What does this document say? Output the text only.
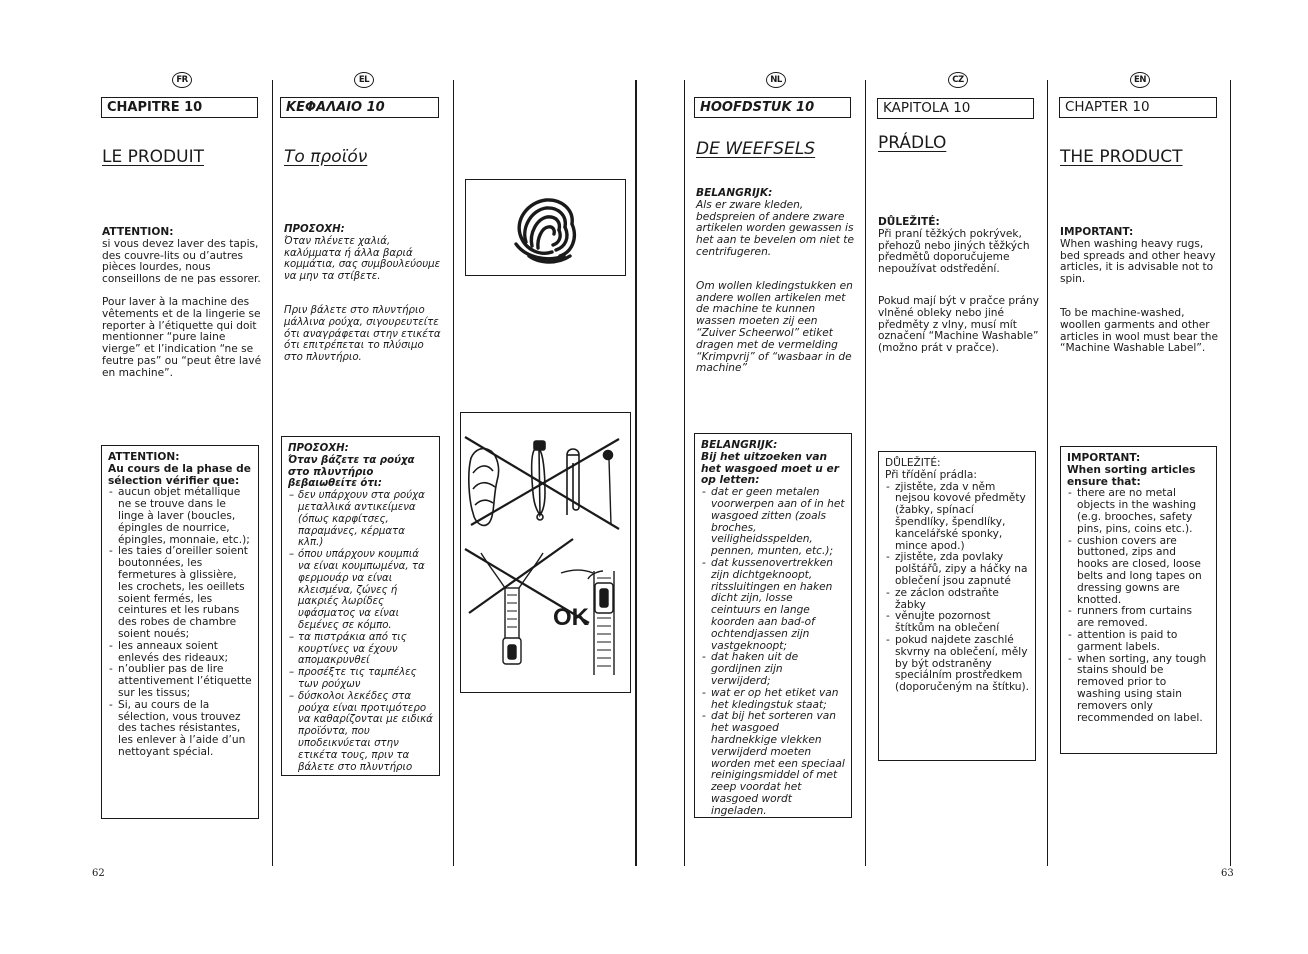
FR
CHAPITRE 10
LE PRODUIT
ATTENTION:

si vous devez laver des tapis, des couvre-lits ou d’autres pièces lourdes, nous conseillons de ne pas essorer.

Pour laver à la machine des vêtements et de la lingerie se reporter à l’étiquette qui doit mentionner “pure laine vierge” et l’indication “ne se feutre pas” ou “peut être lavé en machine”.

ATTENTION:
Au cours de la phase de sélection vérifier que:
- aucun objet métallique ne se trouve dans le linge à laver (boucles, épingles de nourrice, épingles, monnaie, etc.);
- les taies d’oreiller soient boutonnées, les fermetures à glissière, les crochets, les oeillets soient fermés, les ceintures et les rubans des robes de chambre soient noués;
- les anneaux soient enlevés des rideaux;
- n’oublier pas de lire attentivement l’étiquette sur les tissus;
- Si, au cours de la sélection, vous trouvez des taches résistantes, les enlever à l’aide d’un nettoyant spécial.
62
EL
ΚΕΦΑΛΑΙΟ 10
Το προϊόν
ΠΡΟΣΟΧΗ:

Όταν πλένετε χαλιά, καλύμματα ή άλλα βαριά κομμάτια, σας συμβουλεύουμε να μην τα στίβετε.

Πριν βάλετε στο πλυντήριο μάλλινα ρούχα, σιγουρευτείτε ότι αναγράφεται στην ετικέτα ότι επιτρέπεται το πλύσιμο στο πλυντήριο.

ΠΡΟΣΟΧΗ:
Όταν βάζετε τα ρούχα στο πλυντήριο βεβαιωθείτε ότι:
– δεν υπάρχουν στα ρούχα μεταλλικά αντικείμενα (όπως καρφίτσες, παραμάνες, κέρματα κλπ.)
– όπου υπάρχουν κουμπιά να είναι κουμπωμένα, τα φερμουάρ να είναι κλεισμένα, ζώνες ή μακριές λωρίδες υφάσματος να είναι δεμένες σε κόμπο.
– τα πιστράκια από τις κουρτίνες να έχουν απομακρυνθεί
– προσέξτε τις ταμπέλες των ρούχων
– δύσκολοι λεκέδες στα ρούχα είναι προτιμότερο να καθαρίζονται με ειδικά προϊόντα, που υποδεικνύεται στην ετικέτα τους, πριν τα βάλετε στο πλυντήριο
OK
NL
HOOFDSTUK 10
DE WEEFSELS
BELANGRIJK:

Als er zware kleden, bedspreien of andere zware artikelen worden gewassen is het aan te bevelen om niet te centrifugeren.

Om wollen kledingstukken en andere wollen artikelen met de machine te kunnen wassen moeten zij een “Zuiver Scheerwol” etiket dragen met de vermelding “Krimpvrij” of “wasbaar in de machine”

BELANGRIJK:
Bij het uitzoeken van het wasgoed moet u er op letten:
- dat er geen metalen voorwerpen aan of in het wasgoed zitten (zoals broches, veiligheidsspelden, pennen, munten, etc.);
- dat kussenovertrekken zijn dichtgeknoopt, ritssluitingen en haken dicht zijn, losse ceintuurs en lange koorden aan bad-of ochtendjassen zijn vastgeknoopt;
- dat haken uit de gordijnen zijn verwijderd;
- wat er op het etiket van het kledingstuk staat;
- dat bij het sorteren van het wasgoed hardnekkige vlekken verwijderd moeten worden met een speciaal reinigingsmiddel of met zeep voordat het wasgoed wordt ingeladen.
CZ
KAPITOLA 10
PRÁDLO
DŮLEŽITÉ:

Při praní těžkých pokrývek, přehozů nebo jiných těžkých předmětů doporučujeme nepoužívat odstředění.

Pokud mají být v pračce prány vlněné obleky nebo jiné předměty z vlny, musí mít označení “Machine Washable” (možno prát v pračce).

DŮLEŽITÉ:
Při třídění prádla:
- zjistěte, zda v něm nejsou kovové předměty (žabky, spínací špendlíky, špendlíky, kancelářské sponky, mince apod.)
- zjistěte, zda povlaky polštářů, zipy a háčky na oblečení jsou zapnuté
- ze záclon odstraňte žabky
- věnujte pozornost štítkům na oblečení
- pokud najdete zaschlé skvrny na oblečení, měly by být odstraněny speciálním prostředkem (doporučeným na štítku).
EN
CHAPTER 10
THE PRODUCT
IMPORTANT:

When washing heavy rugs, bed spreads and other heavy articles, it is advisable not to spin.

To be machine-washed, woollen garments and other articles in wool must bear the “Machine Washable Label”.

IMPORTANT:
When sorting articles ensure that:
- there are no metal objects in the washing (e.g. brooches, safety pins, pins, coins etc.).
- cushion covers are buttoned, zips and hooks are closed, loose belts and long tapes on dressing gowns are knotted.
- runners from curtains are removed.
- attention is paid to garment labels.
- when sorting, any tough stains should be removed prior to washing using stain removers only recommended on label.
63
